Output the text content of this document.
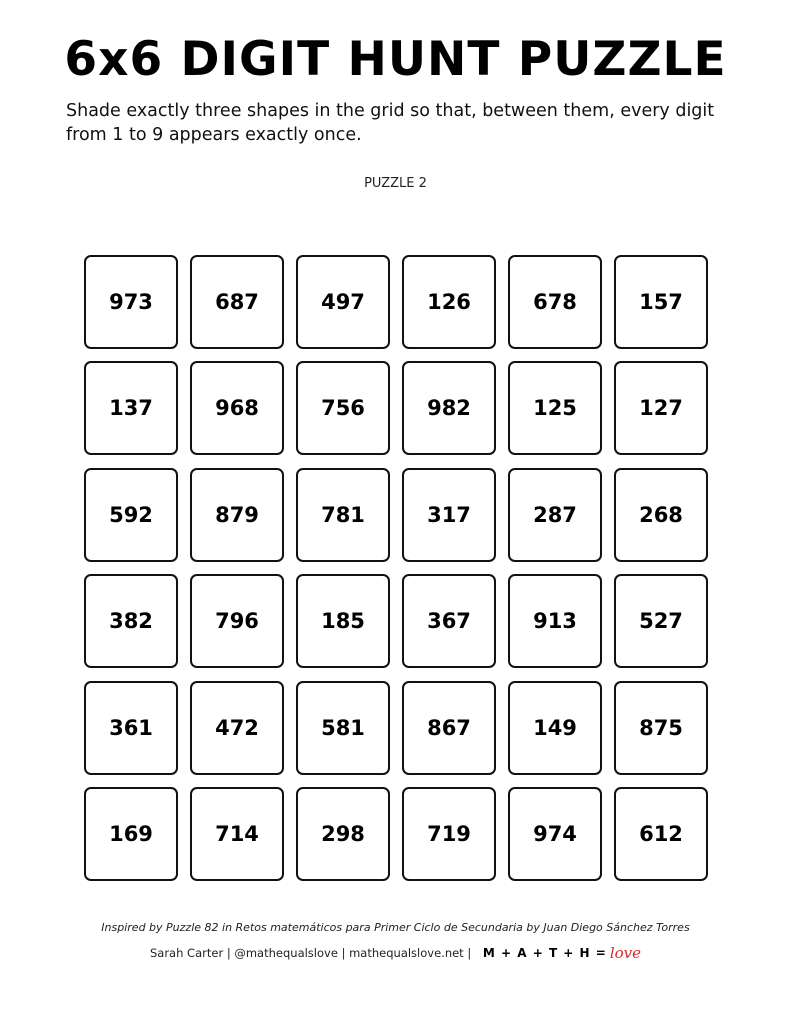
6x6 DIGIT HUNT PUZZLE
Shade exactly three shapes in the grid so that, between them, every digit from 1 to 9 appears exactly once.
PUZZLE 2
973	687	497	126	678	157
137	968	756	982	125	127
592	879	781	317	287	268
382	796	185	367	913	527
361	472	581	867	149	875
169	714	298	719	974	612
Inspired by Puzzle 82 in Retos matemáticos para Primer Ciclo de Secundaria by Juan Diego Sánchez Torres
Sarah Carter | @mathequalslove | mathequalslove.net | M + A + T + H = love
